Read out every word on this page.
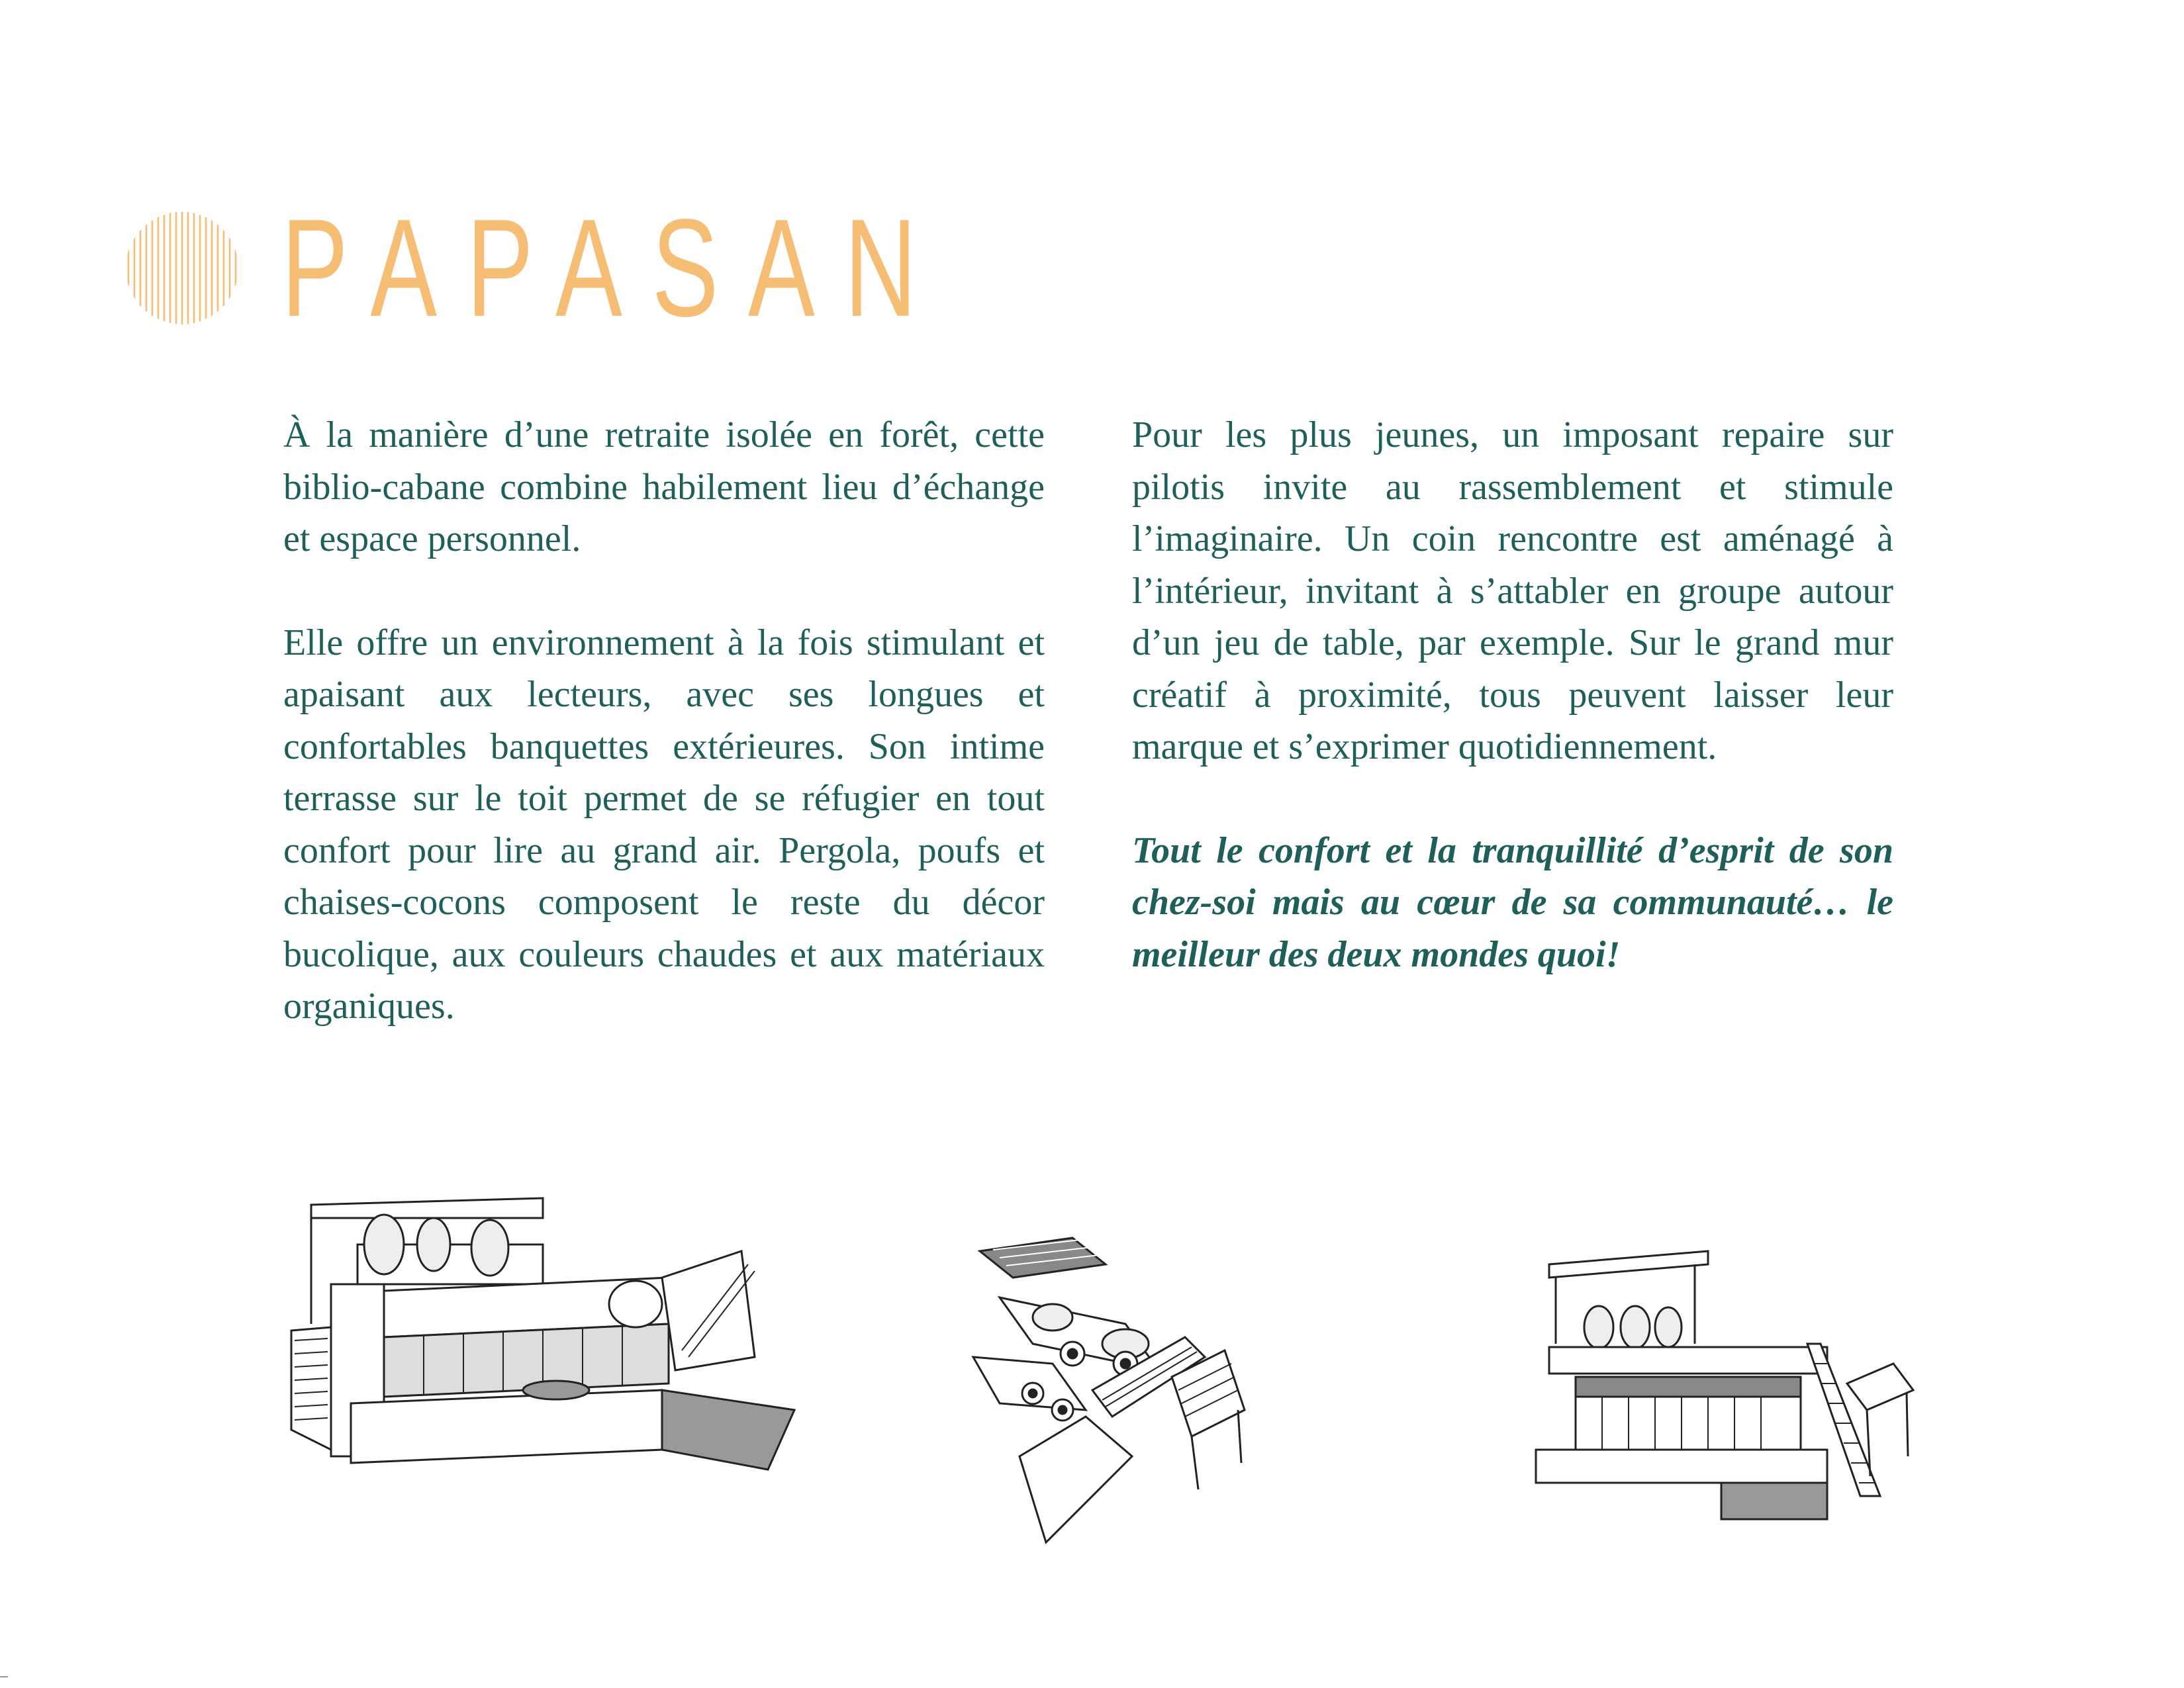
PAPASAN

À la manière d’une retraite isolée en forêt, cette biblio-cabane combine habilement lieu d’échange et espace personnel.

Elle offre un environnement à la fois stimulant et apaisant aux lecteurs, avec ses longues et confortables banquettes extérieures. Son intime terrasse sur le toit permet de se réfugier en tout confort pour lire au grand air. Pergola, poufs et chaises-cocons composent le reste du décor bucolique, aux couleurs chaudes et aux matériaux organiques.

Pour les plus jeunes, un imposant repaire sur pilotis invite au rassemblement et stimule l’imaginaire. Un coin rencontre est aménagé à l’intérieur, invitant à s’attabler en groupe autour d’un jeu de table, par exemple. Sur le grand mur créatif à proximité, tous peuvent laisser leur marque et s’exprimer quotidiennement.

Tout le confort et la tranquillité d’esprit de son chez-soi mais au cœur de sa communauté… le meilleur des deux mondes quoi!
